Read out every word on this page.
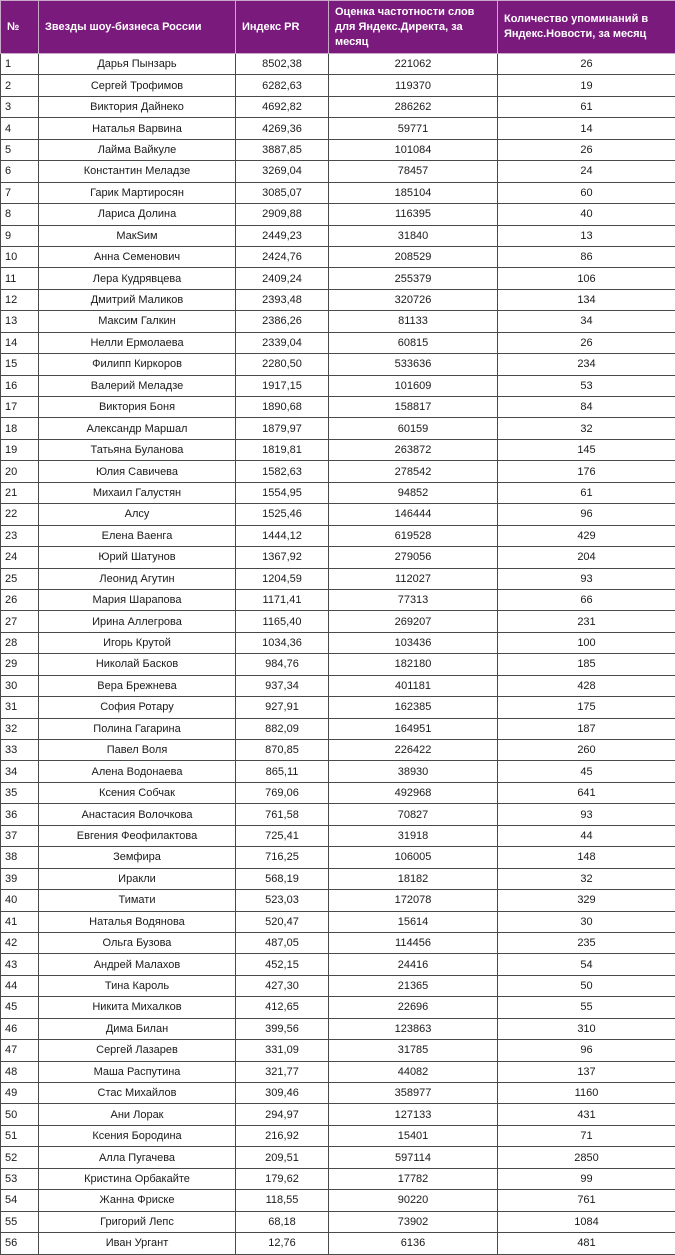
№	Звезды шоу-бизнеса России	Индекс PR	Оценка частотности слов для Яндекс.Директа, за месяц	Количество упоминаний в Яндекс.Новости, за месяц
1	Дарья Пынзарь	8502,38	221062	26
2	Сергей Трофимов	6282,63	119370	19
3	Виктория Дайнеко	4692,82	286262	61
4	Наталья Варвина	4269,36	59771	14
5	Лайма Вайкуле	3887,85	101084	26
6	Константин Меладзе	3269,04	78457	24
7	Гарик Мартиросян	3085,07	185104	60
8	Лариса Долина	2909,88	116395	40
9	МакSим	2449,23	31840	13
10	Анна Семенович	2424,76	208529	86
11	Лера Кудрявцева	2409,24	255379	106
12	Дмитрий Маликов	2393,48	320726	134
13	Максим Галкин	2386,26	81133	34
14	Нелли Ермолаева	2339,04	60815	26
15	Филипп Киркоров	2280,50	533636	234
16	Валерий Меладзе	1917,15	101609	53
17	Виктория Боня	1890,68	158817	84
18	Александр Маршал	1879,97	60159	32
19	Татьяна Буланова	1819,81	263872	145
20	Юлия Савичева	1582,63	278542	176
21	Михаил Галустян	1554,95	94852	61
22	Алсу	1525,46	146444	96
23	Елена Ваенга	1444,12	619528	429
24	Юрий Шатунов	1367,92	279056	204
25	Леонид Агутин	1204,59	112027	93
26	Мария Шарапова	1171,41	77313	66
27	Ирина Аллегрова	1165,40	269207	231
28	Игорь Крутой	1034,36	103436	100
29	Николай Басков	984,76	182180	185
30	Вера Брежнева	937,34	401181	428
31	София Ротару	927,91	162385	175
32	Полина Гагарина	882,09	164951	187
33	Павел Воля	870,85	226422	260
34	Алена Водонаева	865,11	38930	45
35	Ксения Собчак	769,06	492968	641
36	Анастасия Волочкова	761,58	70827	93
37	Евгения Феофилактова	725,41	31918	44
38	Земфира	716,25	106005	148
39	Иракли	568,19	18182	32
40	Тимати	523,03	172078	329
41	Наталья Водянова	520,47	15614	30
42	Ольга Бузова	487,05	114456	235
43	Андрей Малахов	452,15	24416	54
44	Тина Кароль	427,30	21365	50
45	Никита Михалков	412,65	22696	55
46	Дима Билан	399,56	123863	310
47	Сергей Лазарев	331,09	31785	96
48	Маша Распутина	321,77	44082	137
49	Стас Михайлов	309,46	358977	1160
50	Ани Лорак	294,97	127133	431
51	Ксения Бородина	216,92	15401	71
52	Алла Пугачева	209,51	597114	2850
53	Кристина Орбакайте	179,62	17782	99
54	Жанна Фриске	118,55	90220	761
55	Григорий Лепс	68,18	73902	1084
56	Иван Ургант	12,76	6136	481
